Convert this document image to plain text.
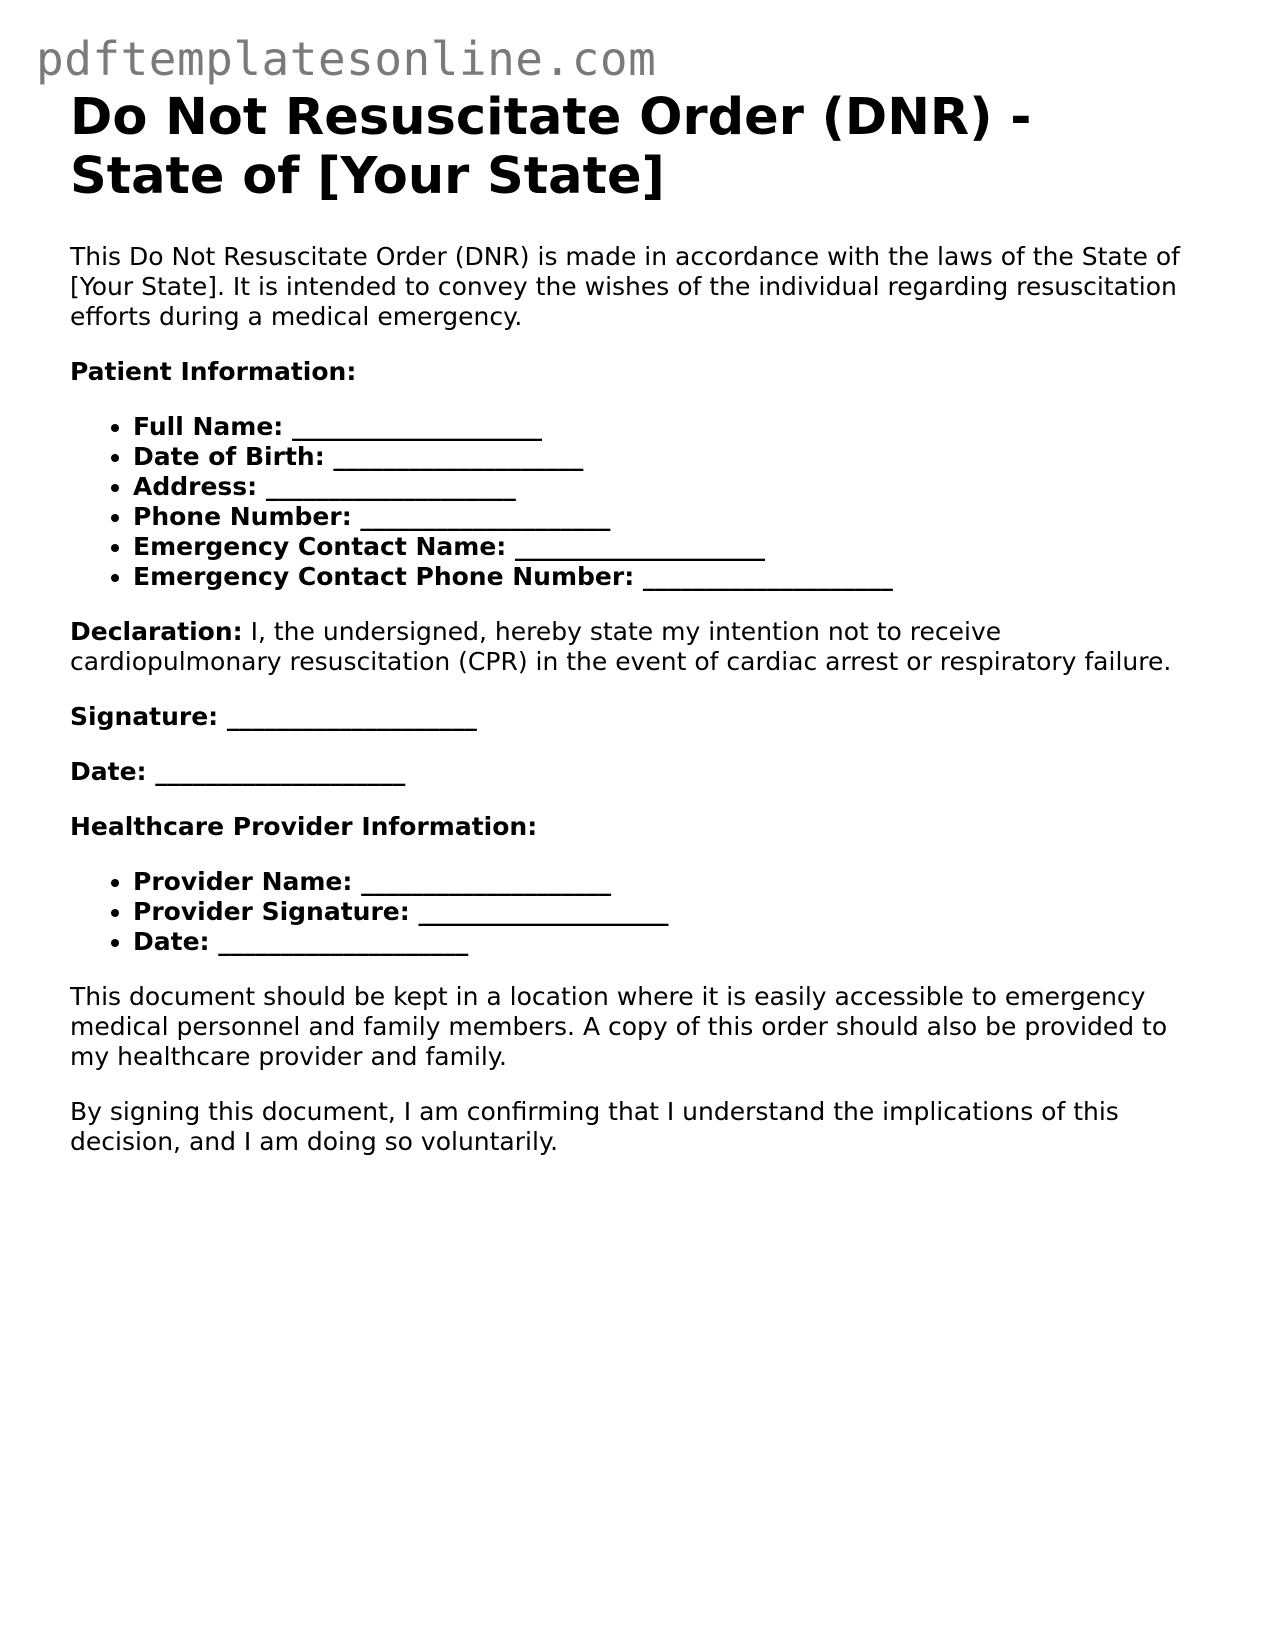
pdftemplatesonline.com
Do Not Resuscitate Order (DNR) - State of [Your State]

This Do Not Resuscitate Order (DNR) is made in accordance with the laws of the State of [Your State]. It is intended to convey the wishes of the individual regarding resuscitation efforts during a medical emergency.

Patient Information:

• Full Name: ____________________
• Date of Birth: ____________________
• Address: ____________________
• Phone Number: ____________________
• Emergency Contact Name: ____________________
• Emergency Contact Phone Number: ____________________

Declaration: I, the undersigned, hereby state my intention not to receive cardiopulmonary resuscitation (CPR) in the event of cardiac arrest or respiratory failure.

Signature: ____________________

Date: ____________________

Healthcare Provider Information:

• Provider Name: ____________________
• Provider Signature: ____________________
• Date: ____________________

This document should be kept in a location where it is easily accessible to emergency medical personnel and family members. A copy of this order should also be provided to my healthcare provider and family.

By signing this document, I am confirming that I understand the implications of this decision, and I am doing so voluntarily.
